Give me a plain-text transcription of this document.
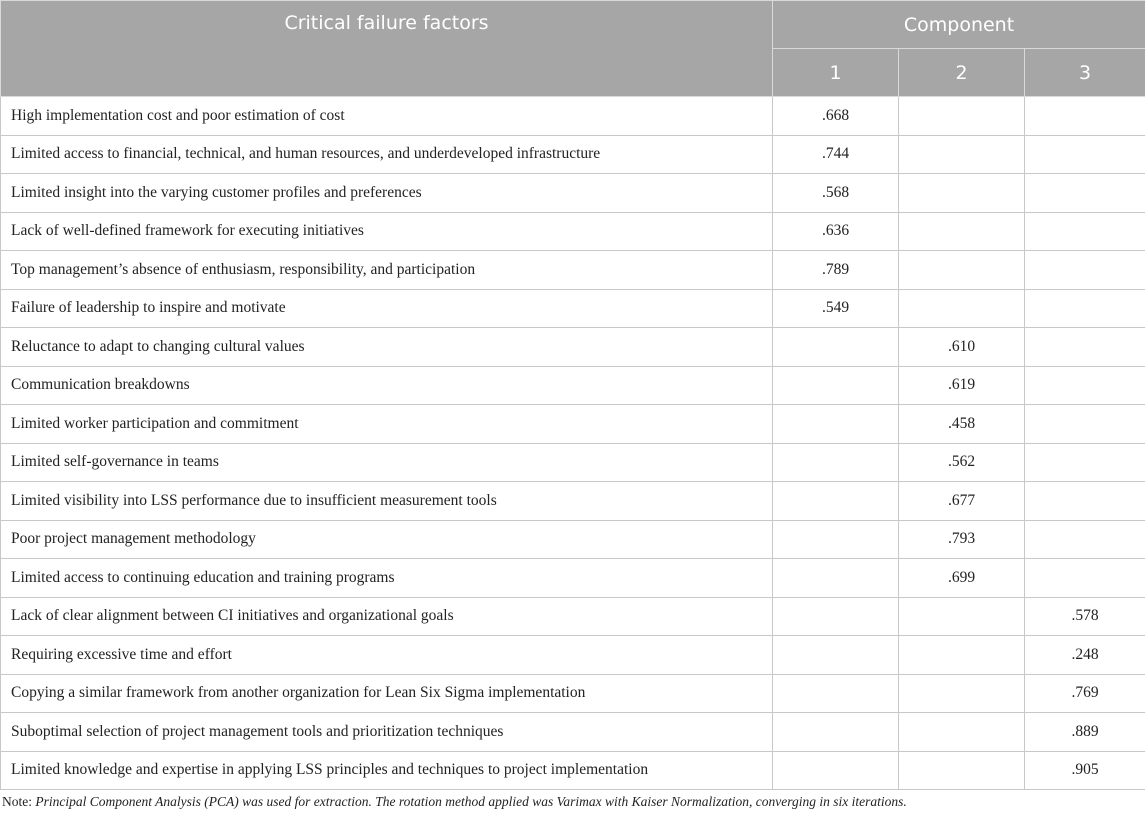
Critical failure factors	Component		
	1	2	3
High implementation cost and poor estimation of cost	.668		
Limited access to financial, technical, and human resources, and underdeveloped infrastructure	.744		
Limited insight into the varying customer profiles and preferences	.568		
Lack of well-defined framework for executing initiatives	.636		
Top management’s absence of enthusiasm, responsibility, and participation	.789		
Failure of leadership to inspire and motivate	.549		
Reluctance to adapt to changing cultural values		.610	
Communication breakdowns		.619	
Limited worker participation and commitment		.458	
Limited self-governance in teams		.562	
Limited visibility into LSS performance due to insufficient measurement tools		.677	
Poor project management methodology		.793	
Limited access to continuing education and training programs		.699	
Lack of clear alignment between CI initiatives and organizational goals			.578
Requiring excessive time and effort			.248
Copying a similar framework from another organization for Lean Six Sigma implementation			.769
Suboptimal selection of project management tools and prioritization techniques			.889
Limited knowledge and expertise in applying LSS principles and techniques to project implementation			.905
Note: Principal Component Analysis (PCA) was used for extraction. The rotation method applied was Varimax with Kaiser Normalization, converging in six iterations.
